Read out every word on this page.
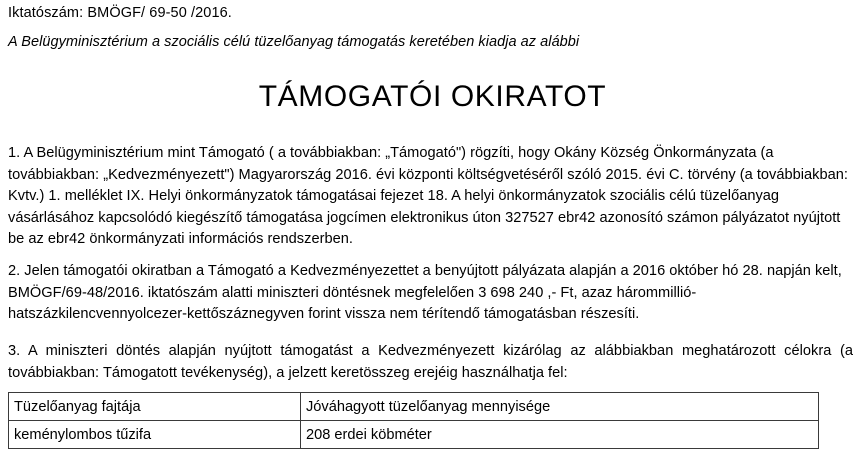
Iktatószám: BMÖGF/ 69-50 /2016.
A Belügyminisztérium a szociális célú tüzelőanyag támogatás keretében kiadja az alábbi
TÁMOGATÓI OKIRATOT
1. A Belügyminisztérium mint Támogató ( a továbbiakban: „Támogató") rögzíti, hogy Okány Község Önkormányzata (a továbbiakban: „Kedvezményezett") Magyarország 2016. évi központi költségvetéséről szóló 2015. évi C. törvény (a továbbiakban: Kvtv.) 1. melléklet IX. Helyi önkormányzatok támogatásai fejezet 18. A helyi önkormányzatok szociális célú tüzelőanyag vásárlásához kapcsolódó kiegészítő támogatása jogcímen elektronikus úton 327527 ebr42 azonosító számon pályázatot nyújtott be az ebr42 önkormányzati információs rendszerben.
2. Jelen támogatói okiratban a Támogató a Kedvezményezettet a benyújtott pályázata alapján a 2016 október hó 28. napján kelt, BMÖGF/69-48/2016. iktatószám alatti miniszteri döntésnek megfelelően 3 698 240 ,- Ft, azaz hárommillió-hatszázkilencvennyolcezer-kettőszáznegyven forint vissza nem térítendő támogatásban részesíti.
3. A miniszteri döntés alapján nyújtott támogatást a Kedvezményezett kizárólag az alábbiakban meghatározott célokra (a továbbiakban: Támogatott tevékenység), a jelzett keretösszeg erejéig használhatja fel:
Tüzelőanyag fajtája	Jóváhagyott tüzelőanyag mennyisége
keménylombos tűzifa	208 erdei köbméter
